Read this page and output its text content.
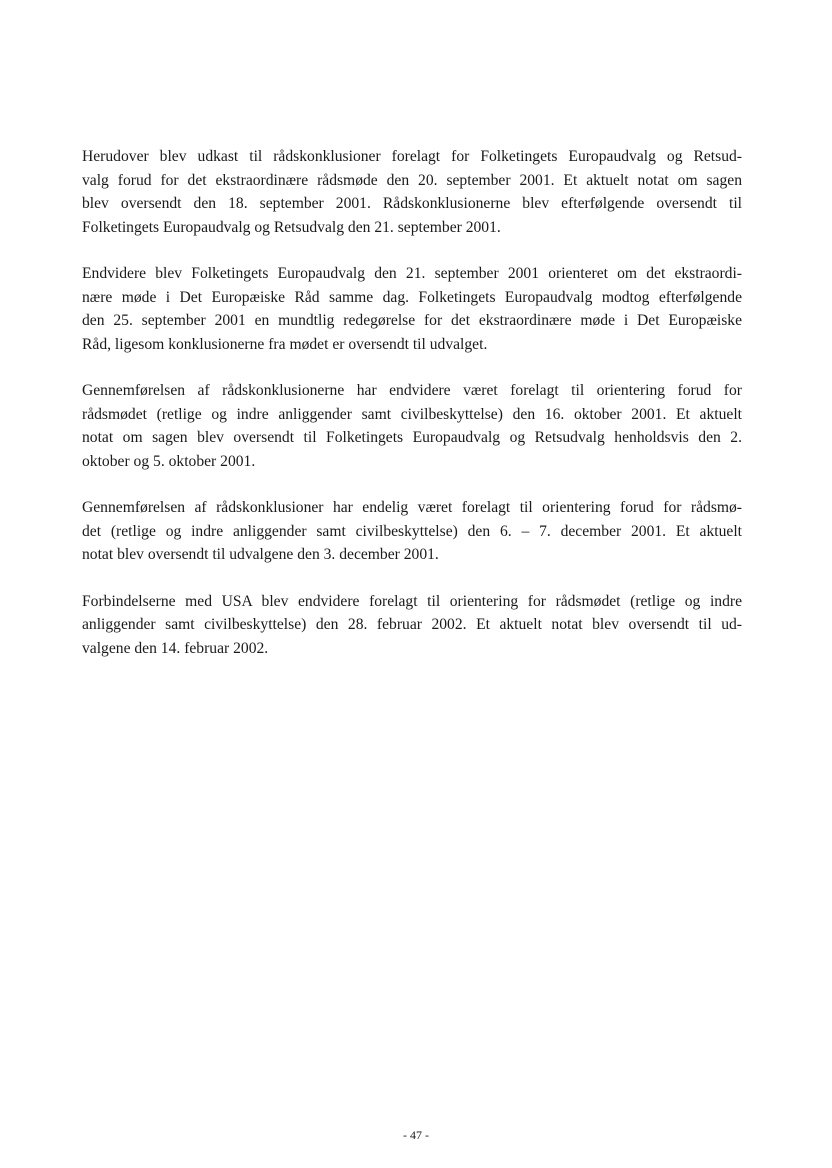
Herudover blev udkast til rådskonklusioner forelagt for Folketingets Europaudvalg og Retsud-
valg forud for det ekstraordinære rådsmøde den 20. september 2001. Et aktuelt notat om sagen
blev oversendt den 18. september 2001. Rådskonklusionerne blev efterfølgende oversendt til
Folketingets Europaudvalg og Retsudvalg den 21. september 2001.

Endvidere blev Folketingets Europaudvalg den 21. september 2001 orienteret om det ekstraordi-
nære møde i Det Europæiske Råd samme dag. Folketingets Europaudvalg modtog efterfølgende
den 25. september 2001 en mundtlig redegørelse for det ekstraordinære møde i Det Europæiske
Råd, ligesom konklusionerne fra mødet er oversendt til udvalget.

Gennemførelsen af rådskonklusionerne har endvidere været forelagt til orientering forud for
rådsmødet (retlige og indre anliggender samt civilbeskyttelse) den 16. oktober 2001. Et aktuelt
notat om sagen blev oversendt til Folketingets Europaudvalg og Retsudvalg henholdsvis den 2.
oktober og 5. oktober 2001.

Gennemførelsen af rådskonklusioner har endelig været forelagt til orientering forud for rådsmø-
det (retlige og indre anliggender samt civilbeskyttelse) den 6. – 7. december 2001. Et aktuelt
notat blev oversendt til udvalgene den 3. december 2001.

Forbindelserne med USA blev endvidere forelagt til orientering for rådsmødet (retlige og indre
anliggender samt civilbeskyttelse) den 28. februar 2002. Et aktuelt notat blev oversendt til ud-
valgene den 14. februar 2002.

- 47 -
